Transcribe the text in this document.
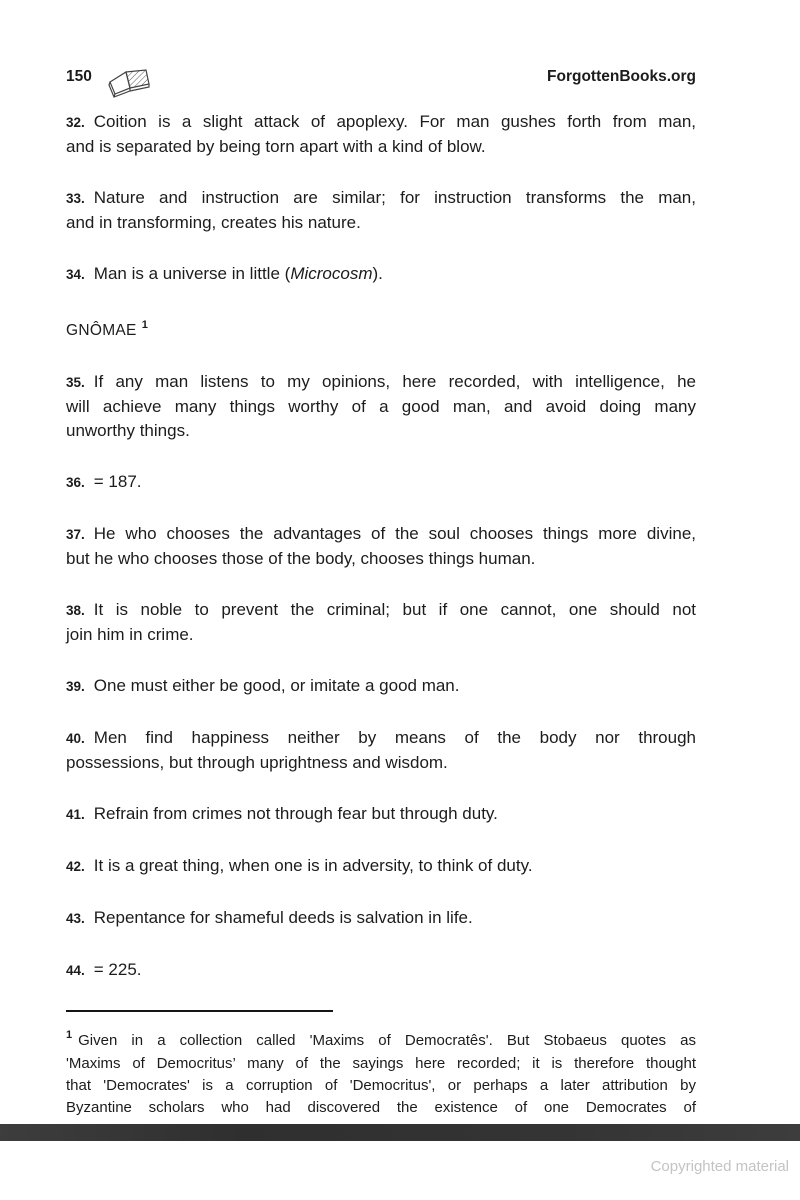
150	ForgottenBooks.org
32. Coition is a slight attack of apoplexy. For man gushes forth from man,
and is separated by being torn apart with a kind of blow.
33. Nature and instruction are similar; for instruction transforms the man,
and in transforming, creates his nature.
34. Man is a universe in little (Microcosm).
GNÔMAE $^1$
35. If any man listens to my opinions, here recorded, with intelligence, he
will achieve many things worthy of a good man, and avoid doing many
unworthy things.
36. = 187.
37. He who chooses the advantages of the soul chooses things more divine,
but he who chooses those of the body, chooses things human.
38. It is noble to prevent the criminal; but if one cannot, one should not
join him in crime.
39. One must either be good, or imitate a good man.
40. Men find happiness neither by means of the body nor through
possessions, but through uprightness and wisdom.
41. Refrain from crimes not through fear but through duty.
42. It is a great thing, when one is in adversity, to think of duty.
43. Repentance for shameful deeds is salvation in life.
44. = 225.
$^1$ Given in a collection called 'Maxims of Democratês'. But Stobaeus quotes as
'Maxims of Democritus’ many of the sayings here recorded; it is therefore thought
that 'Democrates' is a corruption of 'Democritus', or perhaps a later attribution by
Byzantine scholars who had discovered the existence of one Democrates of
Copyrighted material
